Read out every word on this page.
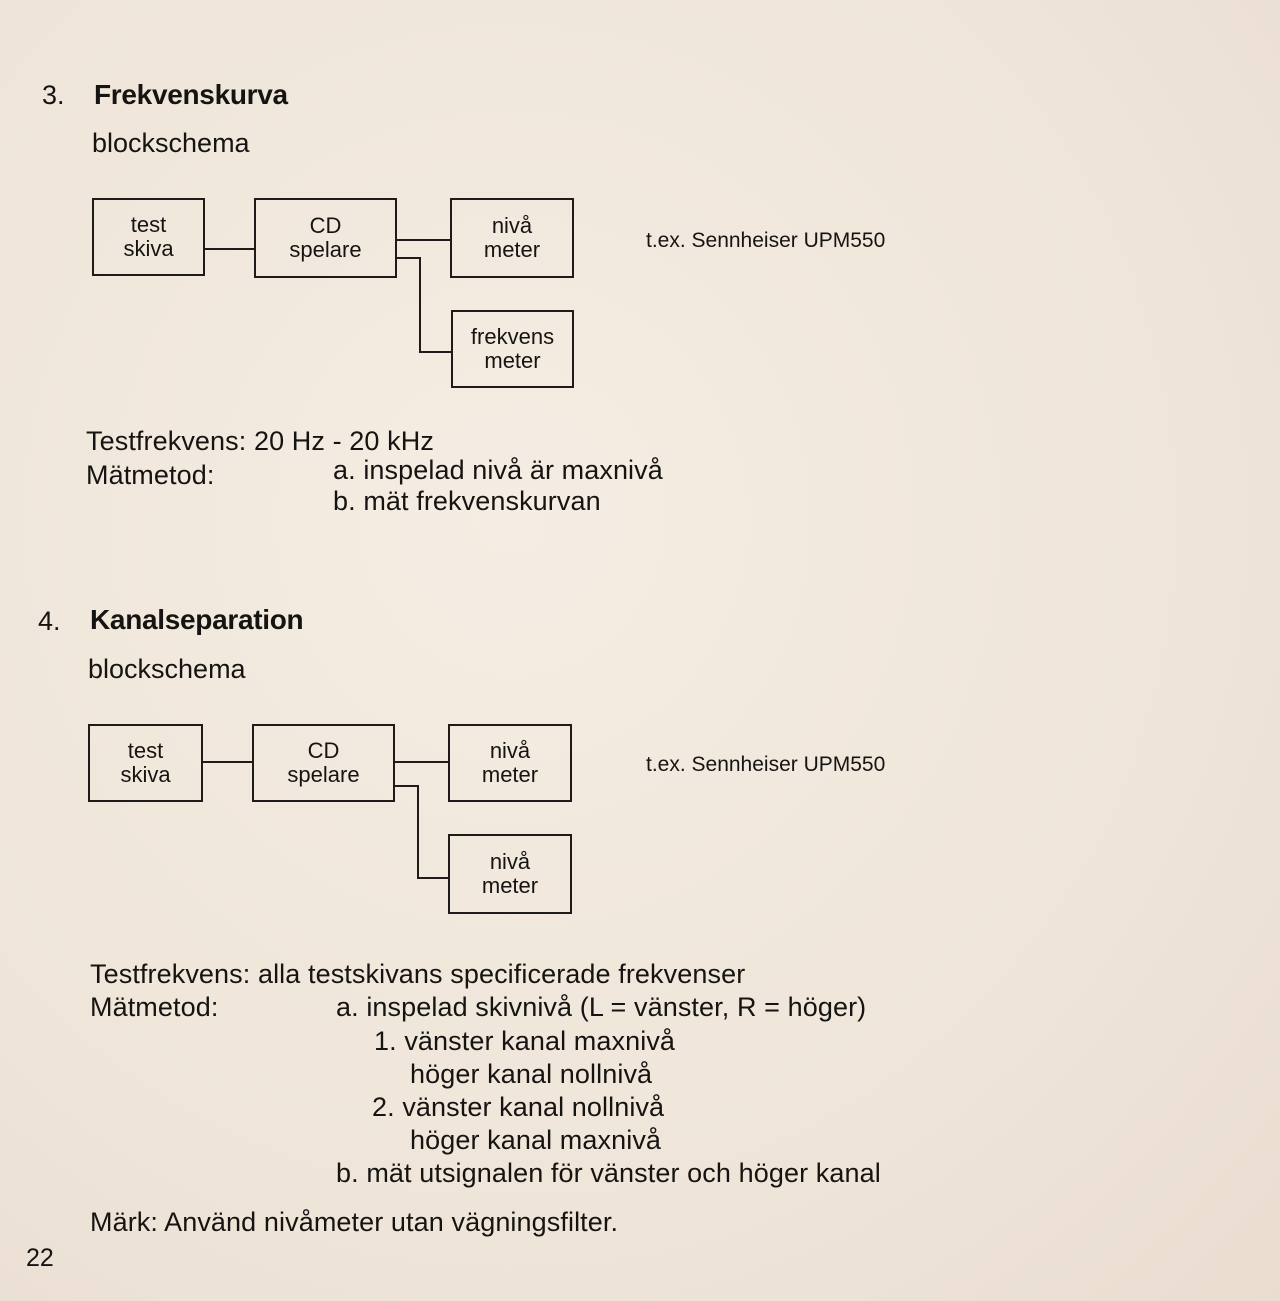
3. Frekvenskurva
blockschema
test
skiva
CD
spelare
nivå
meter
frekvens
meter
t.ex. Sennheiser UPM550
Testfrekvens: 20 Hz - 20 kHz
Mätmetod:	a. inspelad nivå är maxnivå
b. mät frekvenskurvan
4. Kanalseparation
blockschema
test
skiva
CD
spelare
nivå
meter
nivå
meter
t.ex. Sennheiser UPM550
Testfrekvens: alla testskivans specificerade frekvenser
Mätmetod:	a. inspelad skivnivå (L = vänster, R = höger)
1. vänster kanal maxnivå
höger kanal nollnivå
2. vänster kanal nollnivå
höger kanal maxnivå
b. mät utsignalen för vänster och höger kanal
Märk: Använd nivåmeter utan vägningsfilter.
22
